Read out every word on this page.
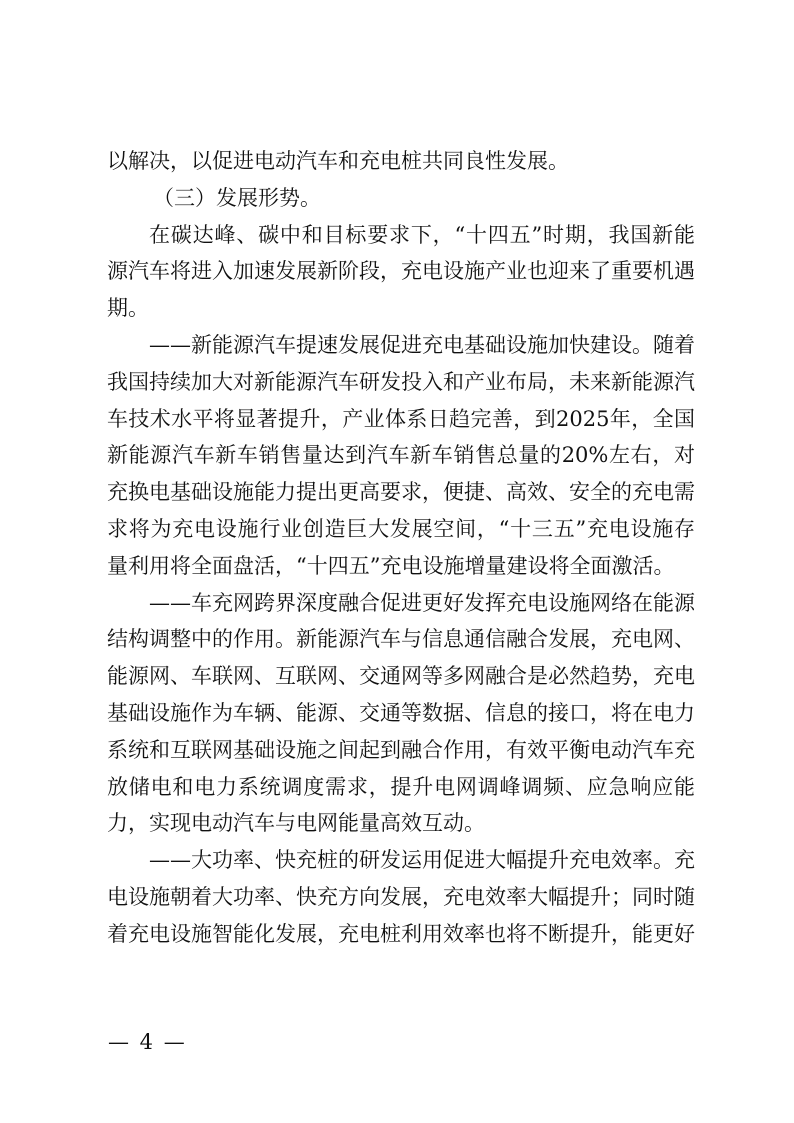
以解决，以促进电动汽车和充电桩共同良性发展。

（三）发展形势。

在碳达峰、碳中和目标要求下，“十四五”时期，我国新能源汽车将进入加速发展新阶段，充电设施产业也迎来了重要机遇期。

——新能源汽车提速发展促进充电基础设施加快建设。随着我国持续加大对新能源汽车研发投入和产业布局，未来新能源汽车技术水平将显著提升，产业体系日趋完善，到2025年，全国新能源汽车新车销售量达到汽车新车销售总量的20%左右，对充换电基础设施能力提出更高要求，便捷、高效、安全的充电需求将为充电设施行业创造巨大发展空间，“十三五”充电设施存量利用将全面盘活，“十四五”充电设施增量建设将全面激活。

——车充网跨界深度融合促进更好发挥充电设施网络在能源结构调整中的作用。新能源汽车与信息通信融合发展，充电网、能源网、车联网、互联网、交通网等多网融合是必然趋势，充电基础设施作为车辆、能源、交通等数据、信息的接口，将在电力系统和互联网基础设施之间起到融合作用，有效平衡电动汽车充放储电和电力系统调度需求，提升电网调峰调频、应急响应能力，实现电动汽车与电网能量高效互动。

——大功率、快充桩的研发运用促进大幅提升充电效率。充电设施朝着大功率、快充方向发展，充电效率大幅提升；同时随着充电设施智能化发展，充电桩利用效率也将不断提升，能更好

— 4 —
